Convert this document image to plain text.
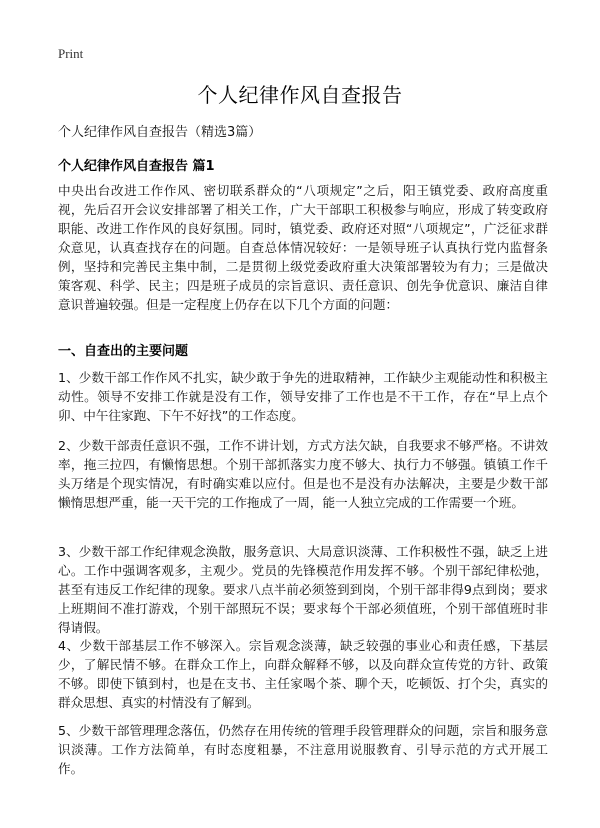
Print
个人纪律作风自查报告
个人纪律作风自查报告（精选3篇）
个人纪律作风自查报告 篇1
中央出台改进工作作风、密切联系群众的“八项规定”之后，阳王镇党委、政府高度重视，先后召开会议安排部署了相关工作，广大干部职工积极参与响应，形成了转变政府职能、改进工作作风的良好氛围。同时，镇党委、政府还对照“八项规定”，广泛征求群众意见，认真查找存在的问题。自查总体情况较好：一是领导班子认真执行党内监督条例，坚持和完善民主集中制，二是贯彻上级党委政府重大决策部署较为有力；三是做决策客观、科学、民主；四是班子成员的宗旨意识、责任意识、创先争优意识、廉洁自律意识普遍较强。但是一定程度上仍存在以下几个方面的问题：
一、自查出的主要问题
1、少数干部工作作风不扎实，缺少敢于争先的进取精神，工作缺少主观能动性和积极主动性。领导不安排工作就是没有工作，领导安排了工作也是不干工作，存在“早上点个卯、中午往家跑、下午不好找”的工作态度。
2、少数干部责任意识不强，工作不讲计划，方式方法欠缺，自我要求不够严格。不讲效率，拖三拉四，有懒惰思想。个别干部抓落实力度不够大、执行力不够强。镇镇工作千头万绪是个现实情况，有时确实难以应付。但是也不是没有办法解决，主要是少数干部懒惰思想严重，能一天干完的工作拖成了一周，能一人独立完成的工作需要一个班。
3、少数干部工作纪律观念涣散，服务意识、大局意识淡薄、工作积极性不强，缺乏上进心。工作中强调客观多，主观少。党员的先锋模范作用发挥不够。个别干部纪律松弛，甚至有违反工作纪律的现象。要求八点半前必须签到到岗，个别干部非得9点到岗；要求上班期间不准打游戏，个别干部照玩不误；要求每个干部必须值班，个别干部值班时非得请假。
4、少数干部基层工作不够深入。宗旨观念淡薄，缺乏较强的事业心和责任感，下基层少，了解民情不够。在群众工作上，向群众解释不够，以及向群众宣传党的方针、政策不够。即使下镇到村，也是在支书、主任家喝个茶、聊个天，吃顿饭、打个尖，真实的群众思想、真实的村情没有了解到。
5、少数干部管理理念落伍，仍然存在用传统的管理手段管理群众的问题，宗旨和服务意识淡薄。工作方法简单，有时态度粗暴，不注意用说服教育、引导示范的方式开展工作。
